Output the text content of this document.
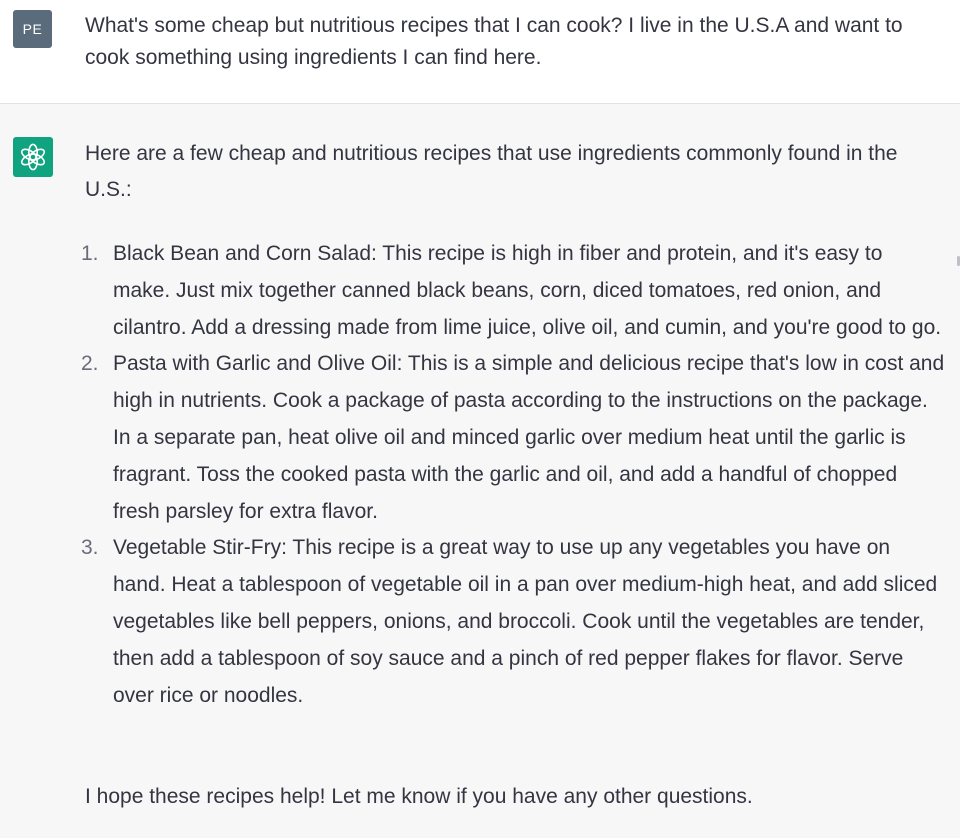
PE What's some cheap but nutritious recipes that I can cook? I live in the U.S.A and want to cook something using ingredients I can find here.

Here are a few cheap and nutritious recipes that use ingredients commonly found in the U.S.:

1. Black Bean and Corn Salad: This recipe is high in fiber and protein, and it's easy to make. Just mix together canned black beans, corn, diced tomatoes, red onion, and cilantro. Add a dressing made from lime juice, olive oil, and cumin, and you're good to go.
2. Pasta with Garlic and Olive Oil: This is a simple and delicious recipe that's low in cost and high in nutrients. Cook a package of pasta according to the instructions on the package. In a separate pan, heat olive oil and minced garlic over medium heat until the garlic is fragrant. Toss the cooked pasta with the garlic and oil, and add a handful of chopped fresh parsley for extra flavor.
3. Vegetable Stir-Fry: This recipe is a great way to use up any vegetables you have on hand. Heat a tablespoon of vegetable oil in a pan over medium-high heat, and add sliced vegetables like bell peppers, onions, and broccoli. Cook until the vegetables are tender, then add a tablespoon of soy sauce and a pinch of red pepper flakes for flavor. Serve over rice or noodles.

I hope these recipes help! Let me know if you have any other questions.
